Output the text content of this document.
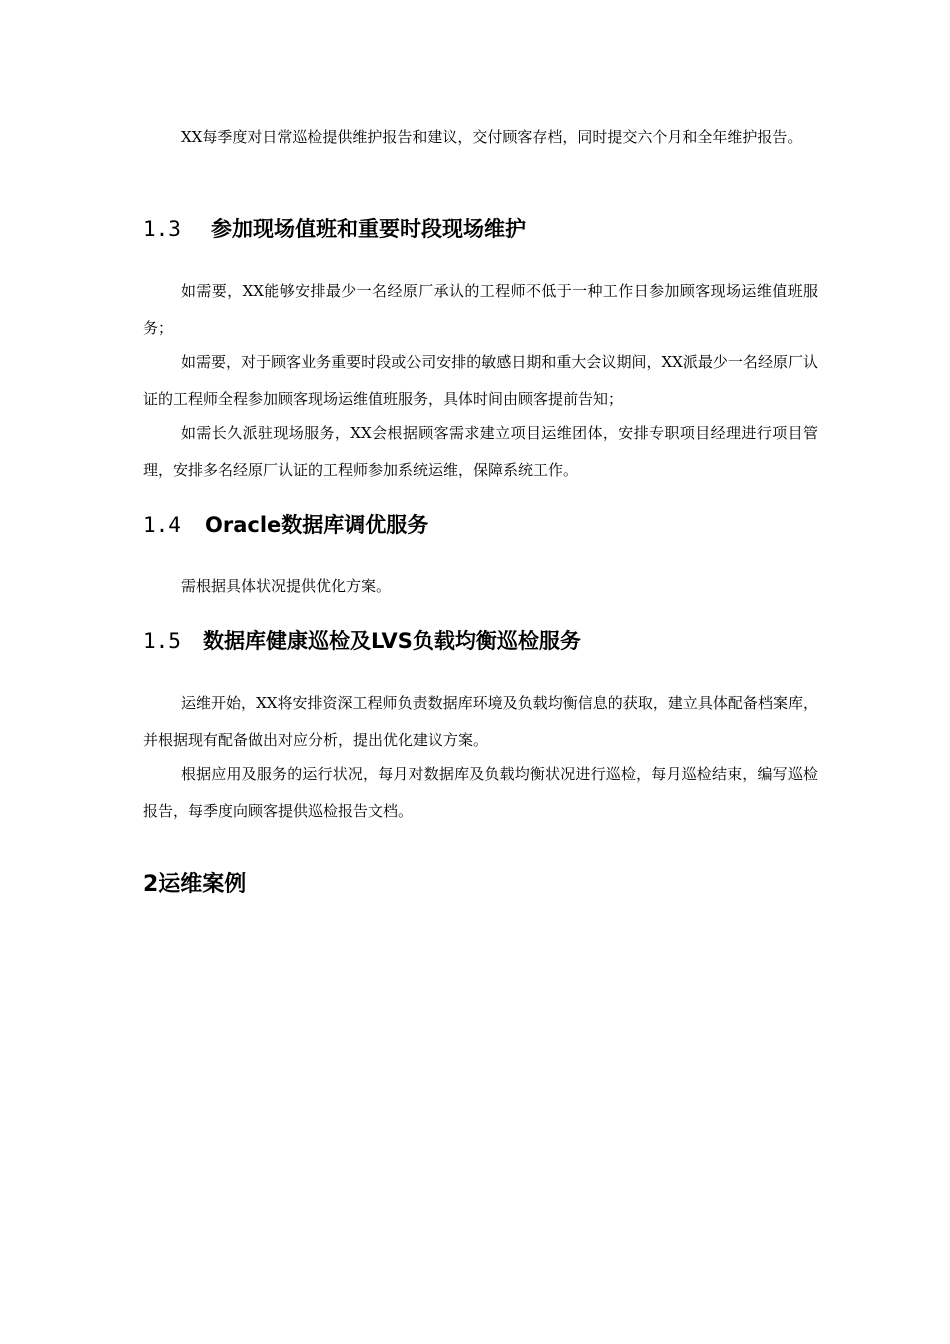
XX每季度对日常巡检提供维护报告和建议，交付顾客存档，同时提交六个月和全年维护报告。

1.3 参加现场值班和重要时段现场维护

如需要，XX能够安排最少一名经原厂承认的工程师不低于一种工作日参加顾客现场运维值班服务；

如需要，对于顾客业务重要时段或公司安排的敏感日期和重大会议期间，XX派最少一名经原厂认证的工程师全程参加顾客现场运维值班服务，具体时间由顾客提前告知；

如需长久派驻现场服务，XX会根据顾客需求建立项目运维团体，安排专职项目经理进行项目管理，安排多名经原厂认证的工程师参加系统运维，保障系统工作。

1.4 Oracle数据库调优服务

需根据具体状况提供优化方案。

1.5 数据库健康巡检及LVS负载均衡巡检服务

运维开始，XX将安排资深工程师负责数据库环境及负载均衡信息的获取，建立具体配备档案库，并根据现有配备做出对应分析，提出优化建议方案。

根据应用及服务的运行状况，每月对数据库及负载均衡状况进行巡检，每月巡检结束，编写巡检报告，每季度向顾客提供巡检报告文档。

2运维案例
